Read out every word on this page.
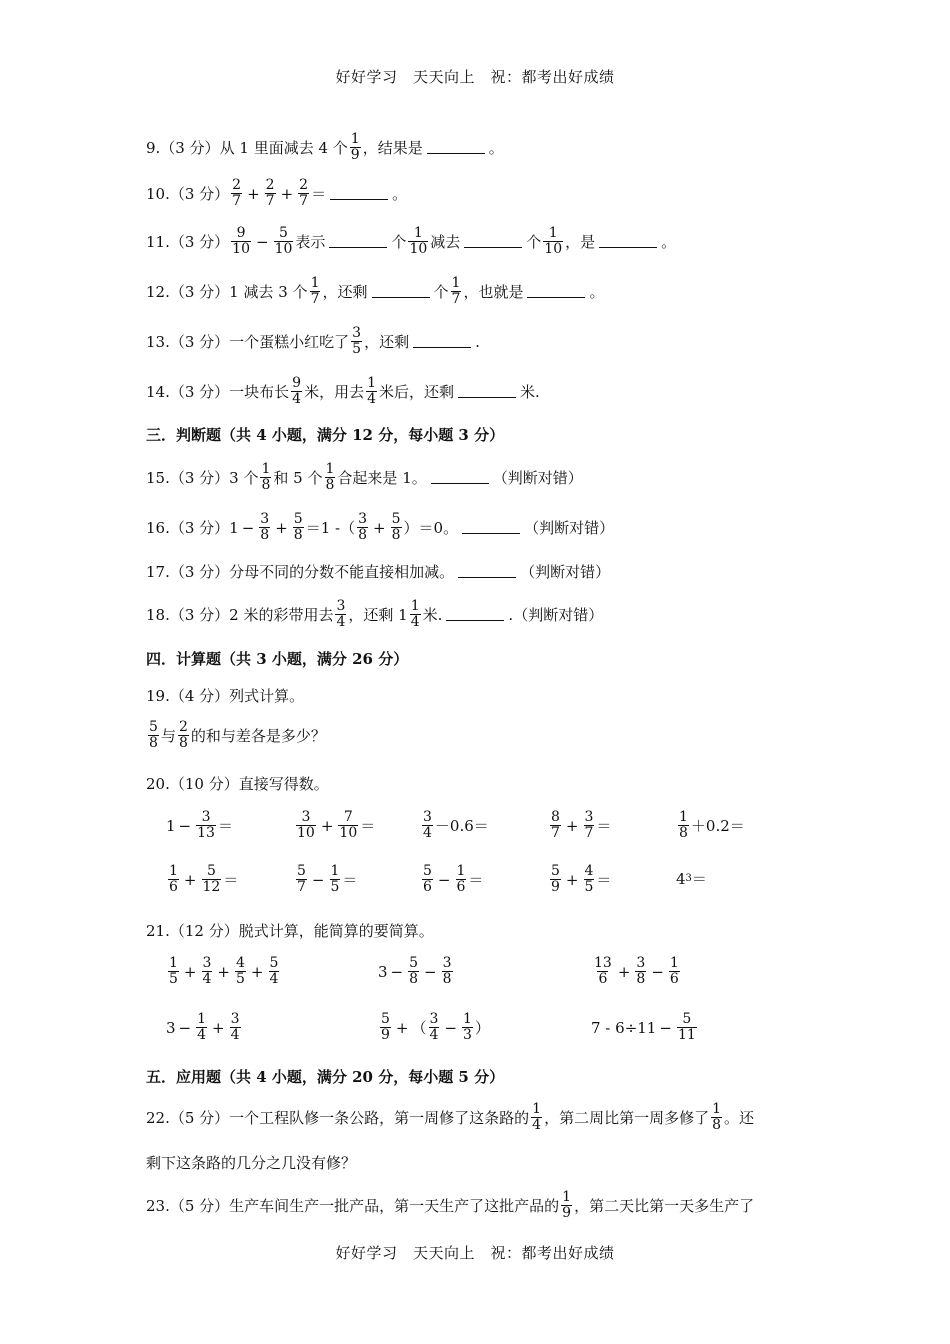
好好学习　天天向上　祝：都考出好成绩
9.（3 分）从 1 里面减去 4 个 $\frac{1}{9}$ ，结果是	。
10.（3 分） $\frac{2}{7} + \frac{2}{7} + \frac{2}{7}$ ＝	。
11.（3 分） $\frac{9}{10} - \frac{5}{10}$ 表示	个 $\frac{1}{10}$ 减去	个 $\frac{1}{10}$ ，是	。
12.（3 分）1 减去 3 个 $\frac{1}{7}$ ，还剩	个 $\frac{1}{7}$ ，也就是	。
13.（3 分）一个蛋糕小红吃了 $\frac{3}{5}$ ，还剩	.
14.（3 分）一块布长 $\frac{9}{4}$ 米，用去 $\frac{1}{4}$ 米后，还剩	米.
三．判断题（共 4 小题，满分 12 分，每小题 3 分）
15.（3 分）3 个 $\frac{1}{8}$ 和 5 个 $\frac{1}{8}$ 合起来是 1。	（判断对错）
16.（3 分）$1 - \frac{3}{8} + \frac{5}{8} =1$ -（ $\frac{3}{8} + \frac{5}{8} )=0$。	（判断对错）
17.（3 分）分母不同的分数不能直接相加减。	（判断对错）
18.（3 分）2 米的彩带用去 $\frac{3}{4}$ ，还剩 $1 \frac{1}{4}$ 米.	.（判断对错）
四．计算题（共 3 小题，满分 26 分）
19.（4 分）列式计算。
$\frac{5}{8}$ 与 $\frac{2}{8}$ 的和与差各是多少？
20.（10 分）直接写得数。
$1 - \frac{3}{13}$ ＝	$\frac{3}{10} + \frac{7}{10}$ ＝	$\frac{3}{4} -0.6=$	$\frac{8}{7} + \frac{3}{7}$ ＝	$\frac{1}{8} +0.2=$
$\frac{1}{6} + \frac{5}{12}$ ＝	$\frac{5}{7} - \frac{1}{5}$ ＝	$\frac{5}{6} - \frac{1}{6}$ ＝	$\frac{5}{9} + \frac{4}{5}$ ＝	4 3 ＝
21.（12 分）脱式计算，能简算的要简算。
$\frac{1}{5} + \frac{3}{4} + \frac{4}{5} + \frac{5}{4}$	$3 - \frac{5}{8} - \frac{3}{8}$	$\frac{13}{6} + \frac{3}{8} - \frac{1}{6}$
$3 - \frac{1}{4} + \frac{3}{4}$	$\frac{5}{9}$ + （ $\frac{3}{4} - \frac{1}{3}$ ）	$7 - 6\div 11 - \frac{5}{11}$
五．应用题（共 4 小题，满分 20 分，每小题 5 分）
22.（5 分）一个工程队修一条公路，第一周修了这条路的 $\frac{1}{4}$ ，第二周比第一周多修了 $\frac{1}{8}$ 。还
剩下这条路的几分之几没有修？
23.（5 分）生产车间生产一批产品，第一天生产了这批产品的 $\frac{1}{9}$ ，第二天比第一天多生产了
好好学习　天天向上　祝：都考出好成绩
